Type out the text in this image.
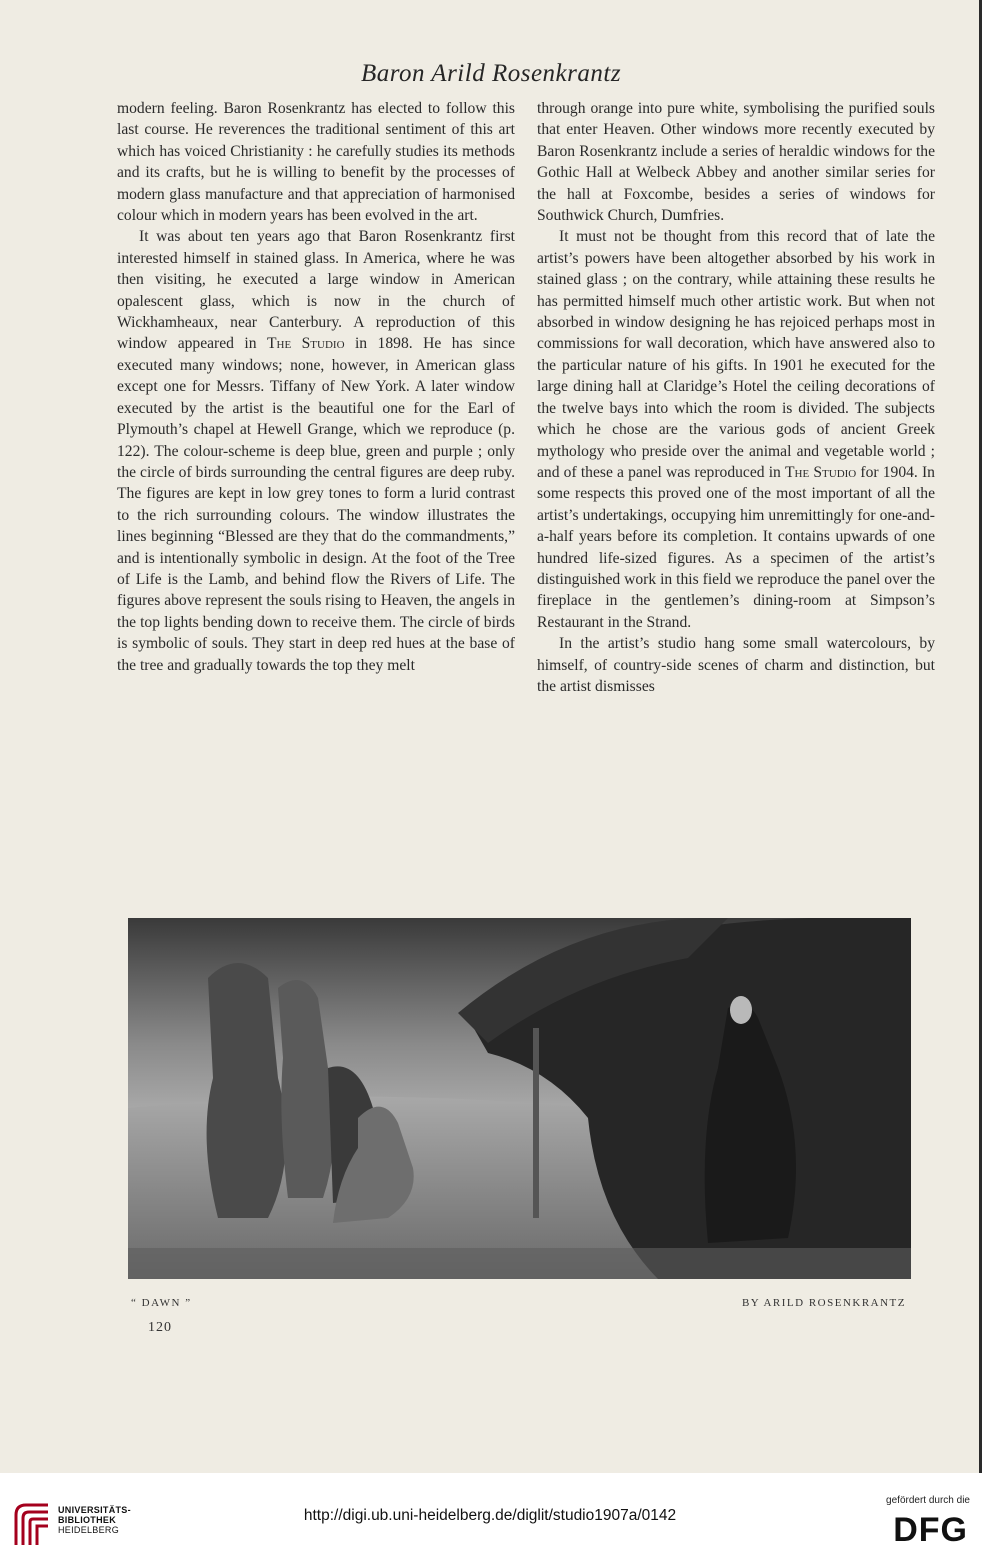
Baron Arild Rosenkrantz

modern feeling. Baron Rosenkrantz has elected to follow this last course. He reverences the traditional sentiment of this art which has voiced Christianity : he carefully studies its methods and its crafts, but he is willing to benefit by the processes of modern glass manufacture and that appreciation of harmonised colour which in modern years has been evolved in the art.

It was about ten years ago that Baron Rosenkrantz first interested himself in stained glass. In America, where he was then visiting, he executed a large window in American opalescent glass, which is now in the church of Wickhamheaux, near Canterbury. A reproduction of this window appeared in The Studio in 1898. He has since executed many windows; none, however, in American glass except one for Messrs. Tiffany of New York. A later window executed by the artist is the beautiful one for the Earl of Plymouth’s chapel at Hewell Grange, which we reproduce (p. 122). The colour-scheme is deep blue, green and purple ; only the circle of birds surrounding the central figures are deep ruby. The figures are kept in low grey tones to form a lurid contrast to the rich surrounding colours. The window illustrates the lines beginning “Blessed are they that do the commandments,” and is intentionally symbolic in design. At the foot of the Tree of Life is the Lamb, and behind flow the Rivers of Life. The figures above represent the souls rising to Heaven, the angels in the top lights bending down to receive them. The circle of birds is symbolic of souls. They start in deep red hues at the base of the tree and gradually towards the top they melt

through orange into pure white, symbolising the purified souls that enter Heaven. Other windows more recently executed by Baron Rosenkrantz include a series of heraldic windows for the Gothic Hall at Welbeck Abbey and another similar series for the hall at Foxcombe, besides a series of windows for Southwick Church, Dumfries.

It must not be thought from this record that of late the artist’s powers have been altogether absorbed by his work in stained glass ; on the contrary, while attaining these results he has permitted himself much other artistic work. But when not absorbed in window designing he has rejoiced perhaps most in commissions for wall decoration, which have answered also to the particular nature of his gifts. In 1901 he executed for the large dining hall at Claridge’s Hotel the ceiling decorations of the twelve bays into which the room is divided. The subjects which he chose are the various gods of ancient Greek mythology who preside over the animal and vegetable world ; and of these a panel was reproduced in The Studio for 1904. In some respects this proved one of the most important of all the artist’s undertakings, occupying him unremittingly for one-and-a-half years before its completion. It contains upwards of one hundred life-sized figures. As a specimen of the artist’s distinguished work in this field we reproduce the panel over the fireplace in the gentlemen’s dining-room at Simpson’s Restaurant in the Strand.

In the artist’s studio hang some small watercolours, by himself, of country-side scenes of charm and distinction, but the artist dismisses

“ DAWN ”	BY ARILD ROSENKRANTZ
120
UNIVERSITÄTS-
BIBLIOTHEK
HEIDELBERG
http://digi.ub.uni-heidelberg.de/diglit/studio1907a/0142
gefördert durch die
DFG
